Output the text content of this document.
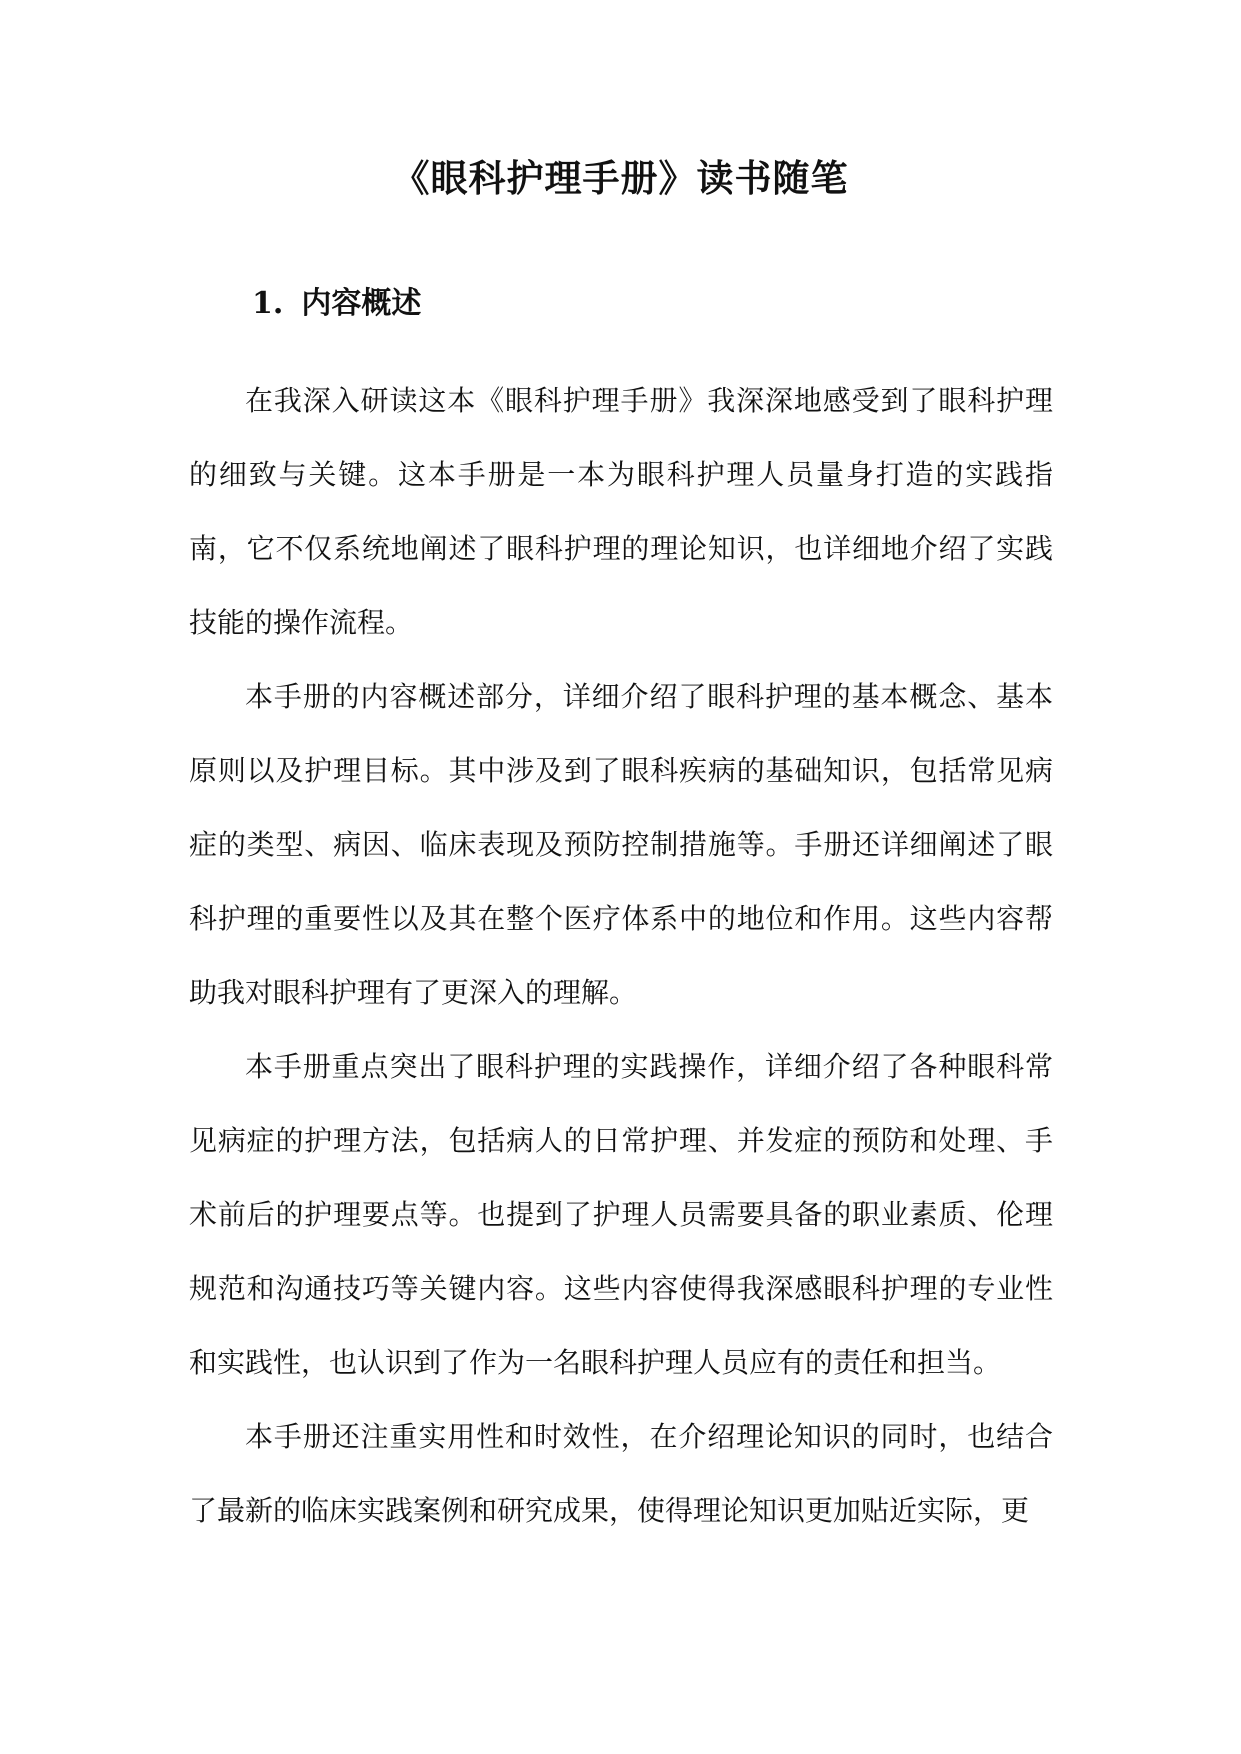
《眼科护理手册》读书随笔
1. 内容概述

在我深入研读这本《眼科护理手册》我深深地感受到了眼科护理的细致与关键。这本手册是一本为眼科护理人员量身打造的实践指南，它不仅系统地阐述了眼科护理的理论知识，也详细地介绍了实践技能的操作流程。

本手册的内容概述部分，详细介绍了眼科护理的基本概念、基本原则以及护理目标。其中涉及到了眼科疾病的基础知识，包括常见病症的类型、病因、临床表现及预防控制措施等。手册还详细阐述了眼科护理的重要性以及其在整个医疗体系中的地位和作用。这些内容帮助我对眼科护理有了更深入的理解。

本手册重点突出了眼科护理的实践操作，详细介绍了各种眼科常见病症的护理方法，包括病人的日常护理、并发症的预防和处理、手术前后的护理要点等。也提到了护理人员需要具备的职业素质、伦理规范和沟通技巧等关键内容。这些内容使得我深感眼科护理的专业性和实践性，也认识到了作为一名眼科护理人员应有的责任和担当。

本手册还注重实用性和时效性，在介绍理论知识的同时，也结合了最新的临床实践案例和研究成果，使得理论知识更加贴近实际，更
